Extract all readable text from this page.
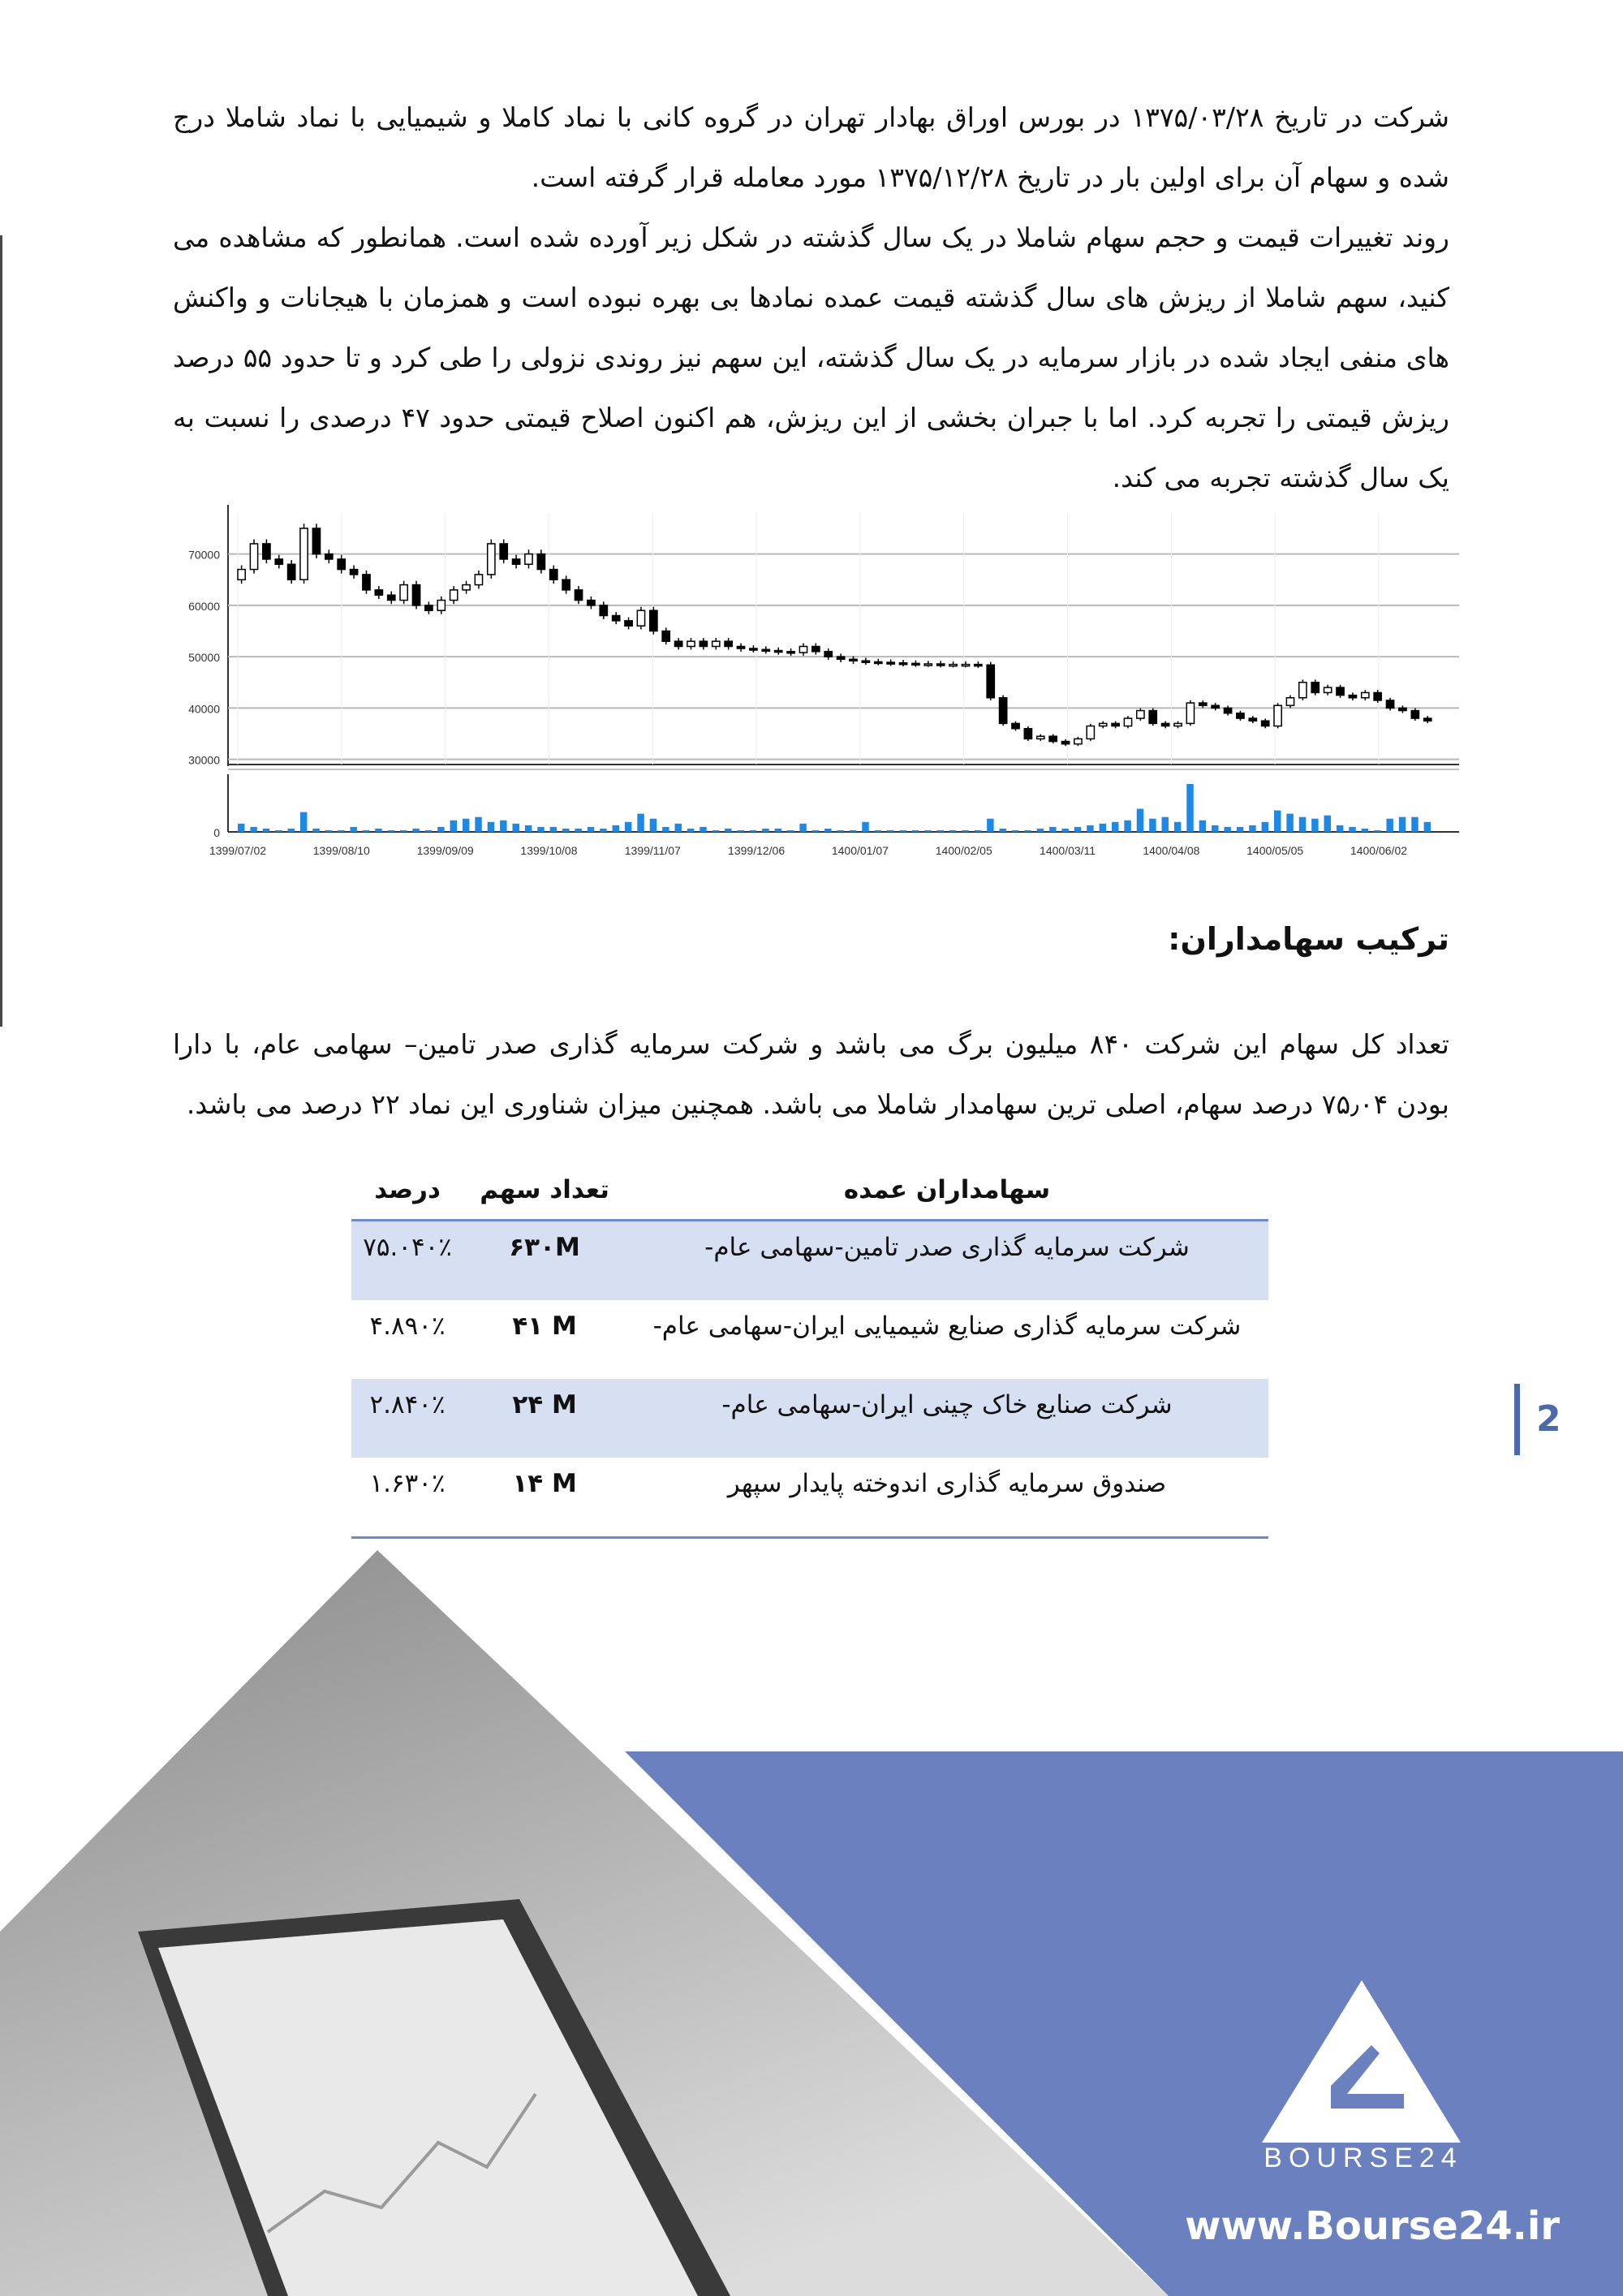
شرکت در تاریخ ۱۳۷۵/۰۳/۲۸ در بورس اوراق بهادار تهران در گروه کانی با نماد کاملا و شیمیایی با نماد شاملا درج شده و سهام آن برای اولین بار در تاریخ ۱۳۷۵/۱۲/۲۸ مورد معامله قرار گرفته است.

روند تغییرات قیمت و حجم سهام شاملا در یک سال گذشته در شکل زیر آورده شده است. همانطور که مشاهده می کنید، سهم شاملا از ریزش های سال گذشته قیمت عمده نمادها بی بهره نبوده است و همزمان با هیجانات و واکنش های منفی ایجاد شده در بازار سرمایه در یک سال گذشته، این سهم نیز روندی نزولی را طی کرد و تا حدود ۵۵ درصد ریزش قیمتی را تجربه کرد. اما با جبران بخشی از این ریزش، هم اکنون اصلاح قیمتی حدود ۴۷ درصدی را نسبت به یک سال گذشته تجربه می کند.

70000
60000
50000
40000
30000
0
1399/07/02	1399/08/10	1399/09/09	1399/10/08	1399/11/07	1399/12/06	1400/01/07	1400/02/05	1400/03/11	1400/04/08	1400/05/05	1400/06/02
ترکیب سهامداران:

تعداد کل سهام این شرکت ۸۴۰ میلیون برگ می باشد و شرکت سرمایه گذاری صدر تامین– سهامی عام، با دارا بودن ۷۵٫۰۴ درصد سهام، اصلی ترین سهامدار شاملا می باشد. همچنین میزان شناوری این نماد ۲۲ درصد می باشد.

سهامداران عمده	تعداد سهم	درصد
شرکت سرمایه گذاری صدر تامین-سهامی عام-	۶۳۰M	۷۵.۰۴۰٪
شرکت سرمایه گذاری صنایع شیمیایی ایران-سهامی عام-	۴۱ M	۴.۸۹۰٪
شرکت صنایع خاک چینی ایران-سهامی عام-	۲۴ M	۲.۸۴۰٪
صندوق سرمایه گذاری اندوخته پایدار سپهر	۱۴ M	۱.۶۳۰٪
2
BOURSE24
www.Bourse24.ir
